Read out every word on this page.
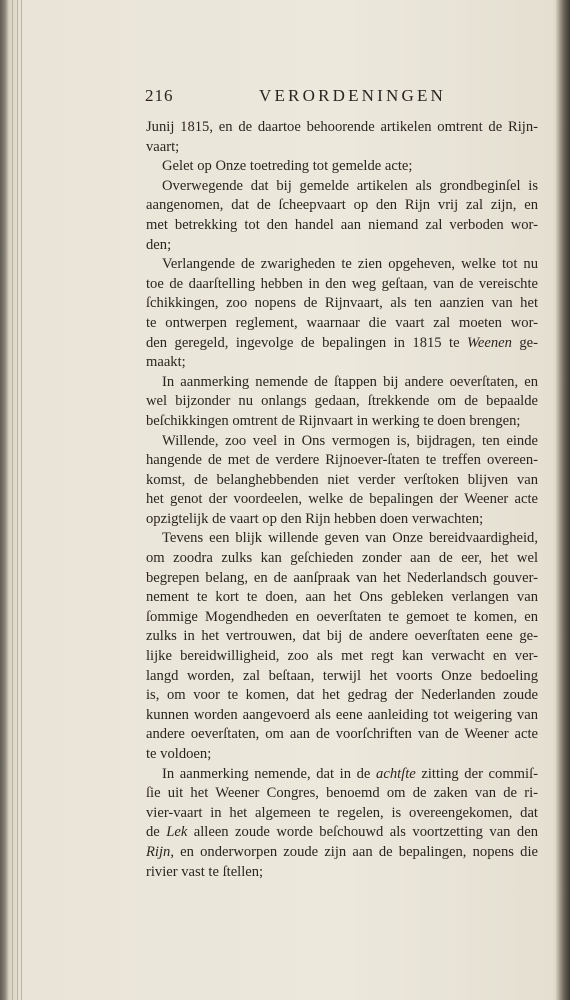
216	VERORDENINGEN
Junij 1815, en de daartoe behoorende artikelen omtrent de Rijn-
vaart;
Gelet op Onze toetreding tot gemelde acte;
Overwegende dat bij gemelde artikelen als grondbeginſel is
aangenomen, dat de ſcheepvaart op den Rijn vrij zal zijn, en
met betrekking tot den handel aan niemand zal verboden wor-
den;
Verlangende de zwarigheden te zien opgeheven, welke tot nu
toe de daarſtelling hebben in den weg geſtaan, van de vereischte
ſchikkingen, zoo nopens de Rijnvaart, als ten aanzien van het
te ontwerpen reglement, waarnaar die vaart zal moeten wor-
den geregeld, ingevolge de bepalingen in 1815 te Weenen ge-
maakt;
In aanmerking nemende de ſtappen bij andere oeverſtaten, en
wel bijzonder nu onlangs gedaan, ſtrekkende om de bepaalde
beſchikkingen omtrent de Rijnvaart in werking te doen brengen;
Willende, zoo veel in Ons vermogen is, bijdragen, ten einde
hangende de met de verdere Rijnoever-ſtaten te treffen overeen-
komst, de belanghebbenden niet verder verſtoken blijven van
het genot der voordeelen, welke de bepalingen der Weener acte
opzigtelijk de vaart op den Rijn hebben doen verwachten;
Tevens een blijk willende geven van Onze bereidvaardigheid,
om zoodra zulks kan geſchieden zonder aan de eer, het wel
begrepen belang, en de aanſpraak van het Nederlandsch gouver-
nement te kort te doen, aan het Ons gebleken verlangen van
ſommige Mogendheden en oeverſtaten te gemoet te komen, en
zulks in het vertrouwen, dat bij de andere oeverſtaten eene ge-
lijke bereidwilligheid, zoo als met regt kan verwacht en ver-
langd worden, zal beſtaan, terwijl het voorts Onze bedoeling
is, om voor te komen, dat het gedrag der Nederlanden zoude
kunnen worden aangevoerd als eene aanleiding tot weigering van
andere oeverſtaten, om aan de voorſchriften van de Weener acte
te voldoen;
In aanmerking nemende, dat in de achtſte zitting der commiſ-
ſie uit het Weener Congres, benoemd om de zaken van de ri-
vier-vaart in het algemeen te regelen, is overeengekomen, dat
de Lek alleen zoude worde beſchouwd als voortzetting van den
Rijn, en onderworpen zoude zijn aan de bepalingen, nopens die
rivier vast te ſtellen;
